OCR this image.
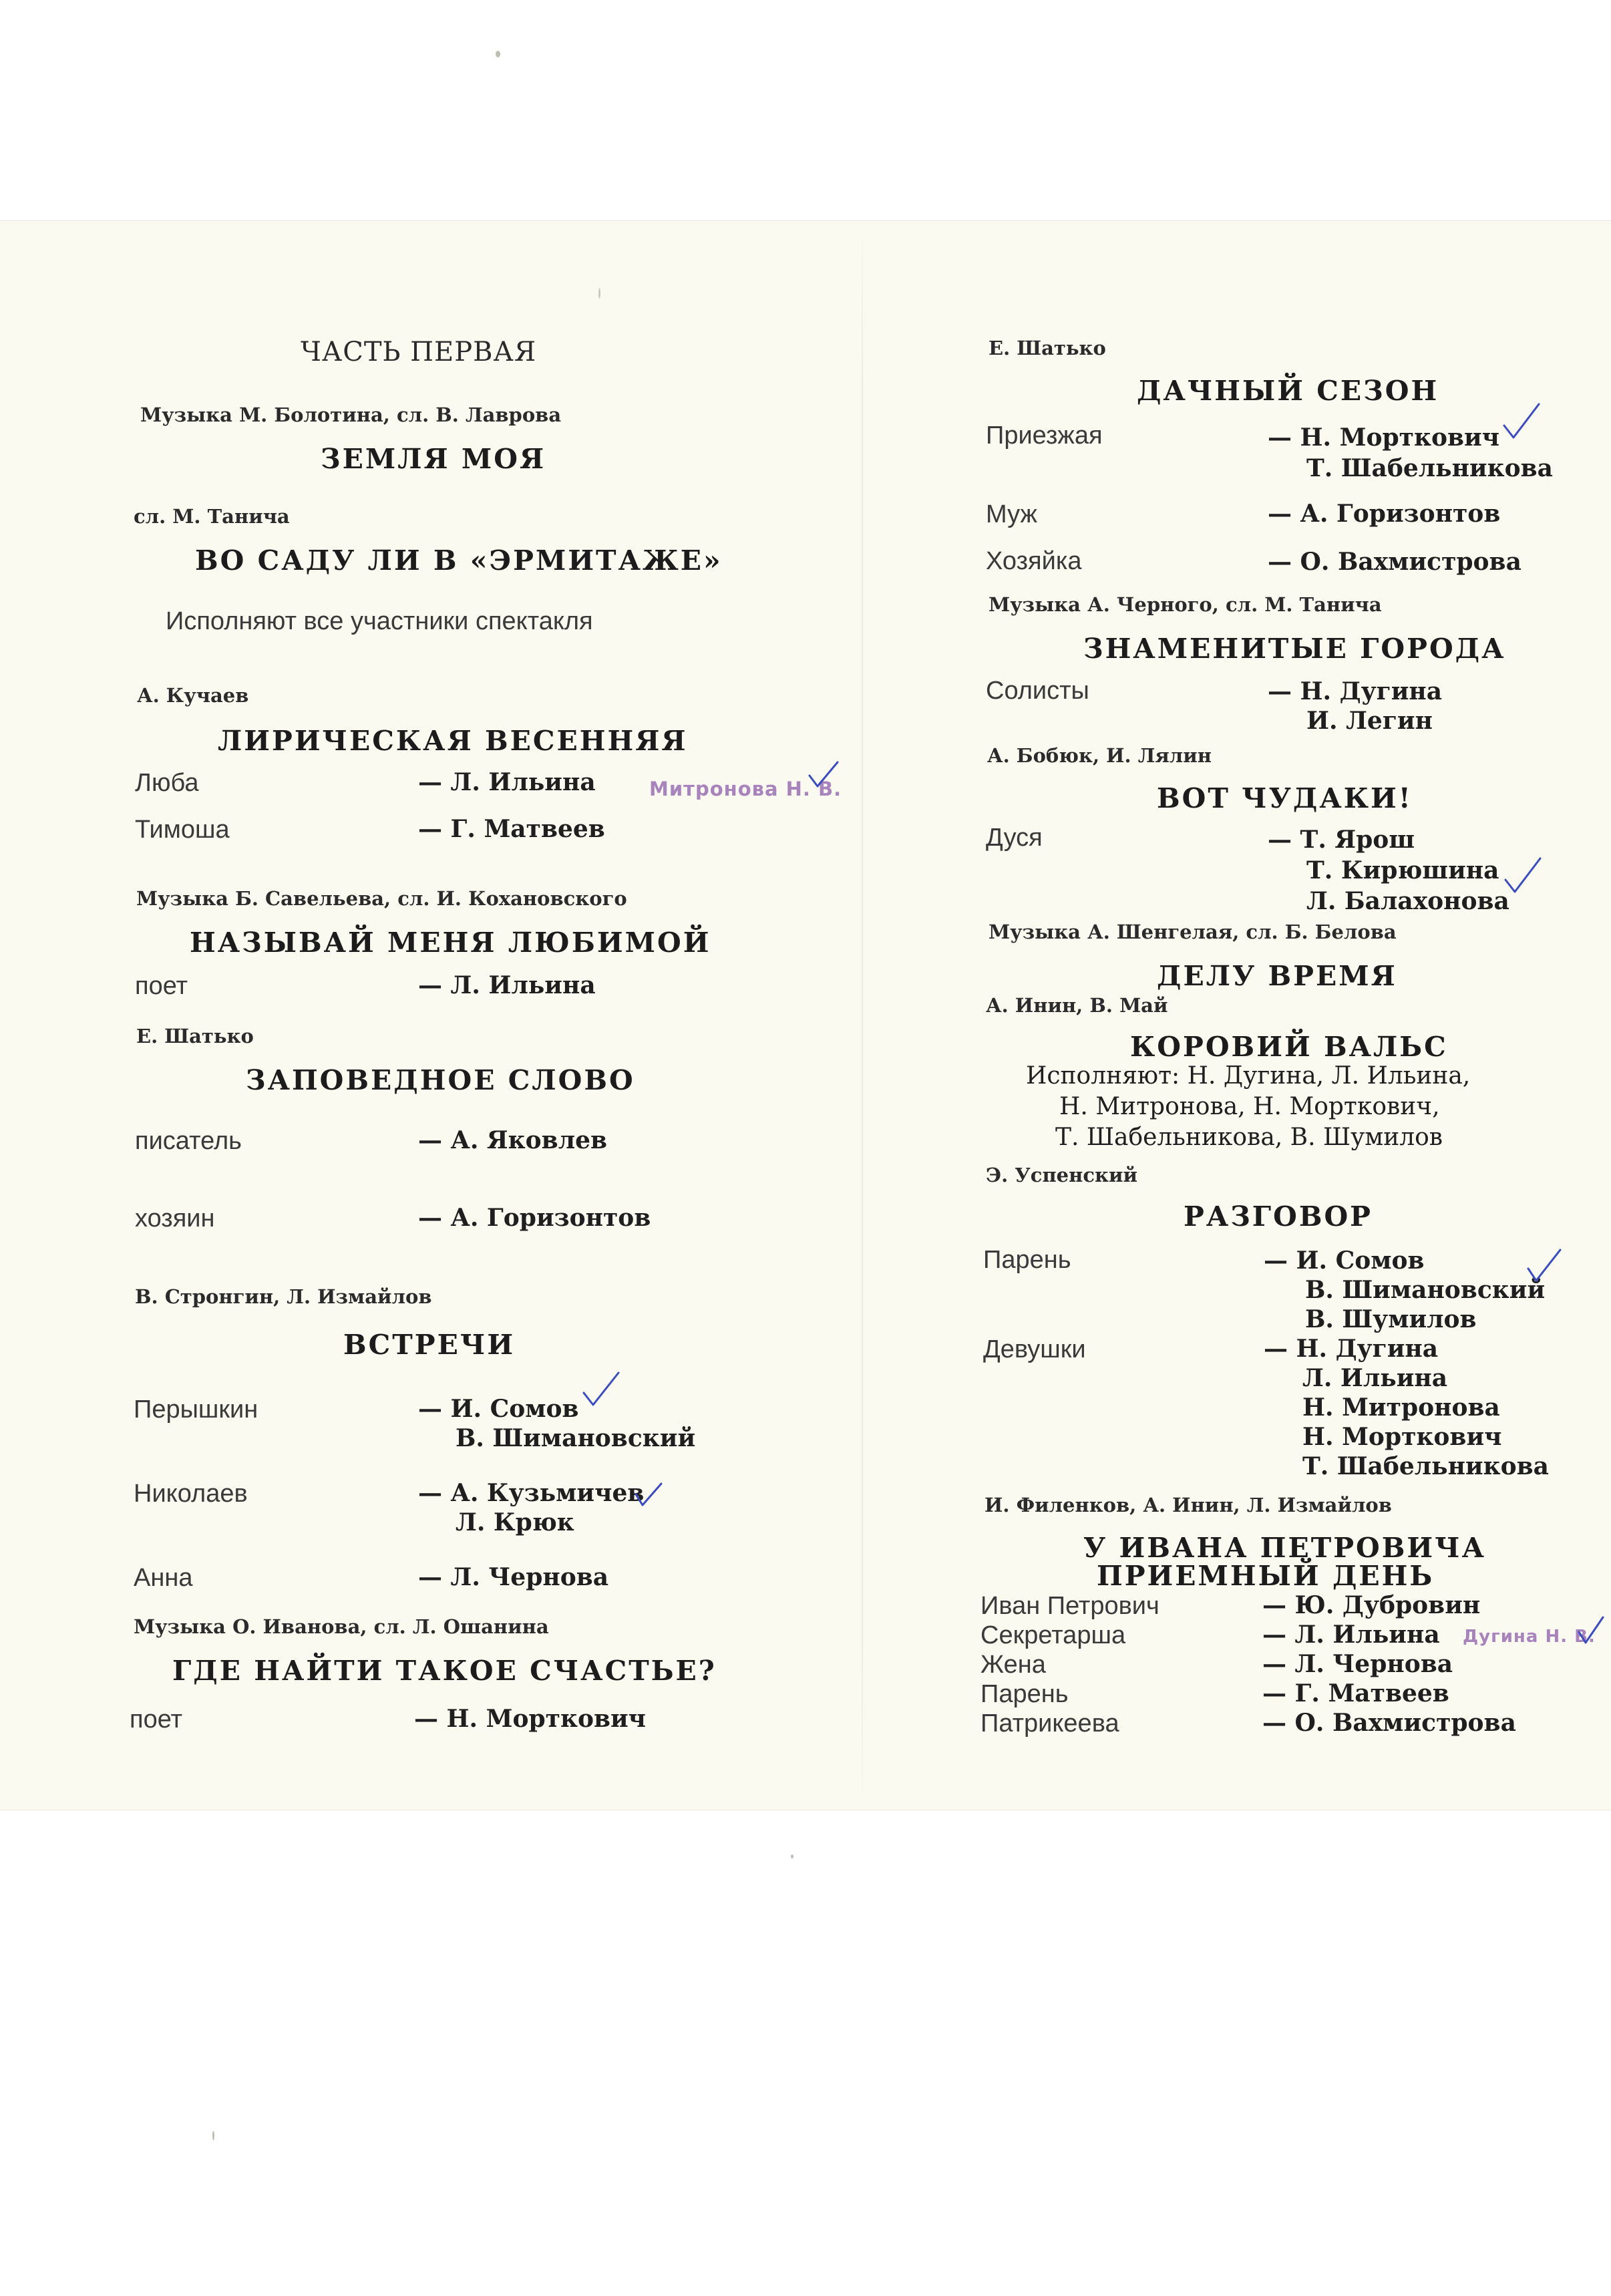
ЧАСТЬ ПЕРВАЯ
Музыка М. Болотина, сл. В. Лаврова
ЗЕМЛЯ МОЯ
сл. М. Танича
ВО САДУ ЛИ В «ЭРМИТАЖЕ»
Исполняют все участники спектакля
А. Кучаев
ЛИРИЧЕСКАЯ ВЕСЕННЯЯ
Люба	— Л. Ильина	Митронова Н. В.
Тимоша	— Г. Матвеев
Музыка Б. Савельева, сл. И. Кохановского
НАЗЫВАЙ МЕНЯ ЛЮБИМОЙ
поет	— Л. Ильина
Е. Шатько
ЗАПОВЕДНОЕ СЛОВО
писатель	— А. Яковлев
хозяин	— А. Горизонтов
В. Стронгин, Л. Измайлов
ВСТРЕЧИ
Перышкин	— И. Сомов
В. Шимановский
Николаев	— А. Кузьмичев
Л. Крюк
Анна	— Л. Чернова
Музыка О. Иванова, сл. Л. Ошанина
ГДЕ НАЙТИ ТАКОЕ СЧАСТЬЕ?
поет	— Н. Морткович
Е. Шатько
ДАЧНЫЙ СЕЗОН
Приезжая	— Н. Морткович
Т. Шабельникова
Муж	— А. Горизонтов
Хозяйка	— О. Вахмистрова
Музыка А. Черного, сл. М. Танича
ЗНАМЕНИТЫЕ ГОРОДА
Солисты	— Н. Дугина
И. Легин
А. Бобюк, И. Лялин
ВОТ ЧУДАКИ!
Дуся	— Т. Ярош
Т. Кирюшина
Л. Балахонова
Музыка А. Шенгелая, сл. Б. Белова
ДЕЛУ ВРЕМЯ
А. Инин, В. Май
КОРОВИЙ ВАЛЬС
Исполняют: Н. Дугина, Л. Ильина,
Н. Митронова, Н. Морткович,
Т. Шабельникова, В. Шумилов
Э. Успенский
РАЗГОВОР
Парень	— И. Сомов
В. Шимановский
В. Шумилов
Девушки	— Н. Дугина
Л. Ильина
Н. Митронова
Н. Морткович
Т. Шабельникова
И. Филенков, А. Инин, Л. Измайлов
У ИВАНА ПЕТРОВИЧА
ПРИЕМНЫЙ ДЕНЬ
Иван Петрович	— Ю. Дубровин
Секретарша	— Л. Ильина Дугина Н. В.
Жена	— Л. Чернова
Парень	— Г. Матвеев
Патрикеева	— О. Вахмистрова
